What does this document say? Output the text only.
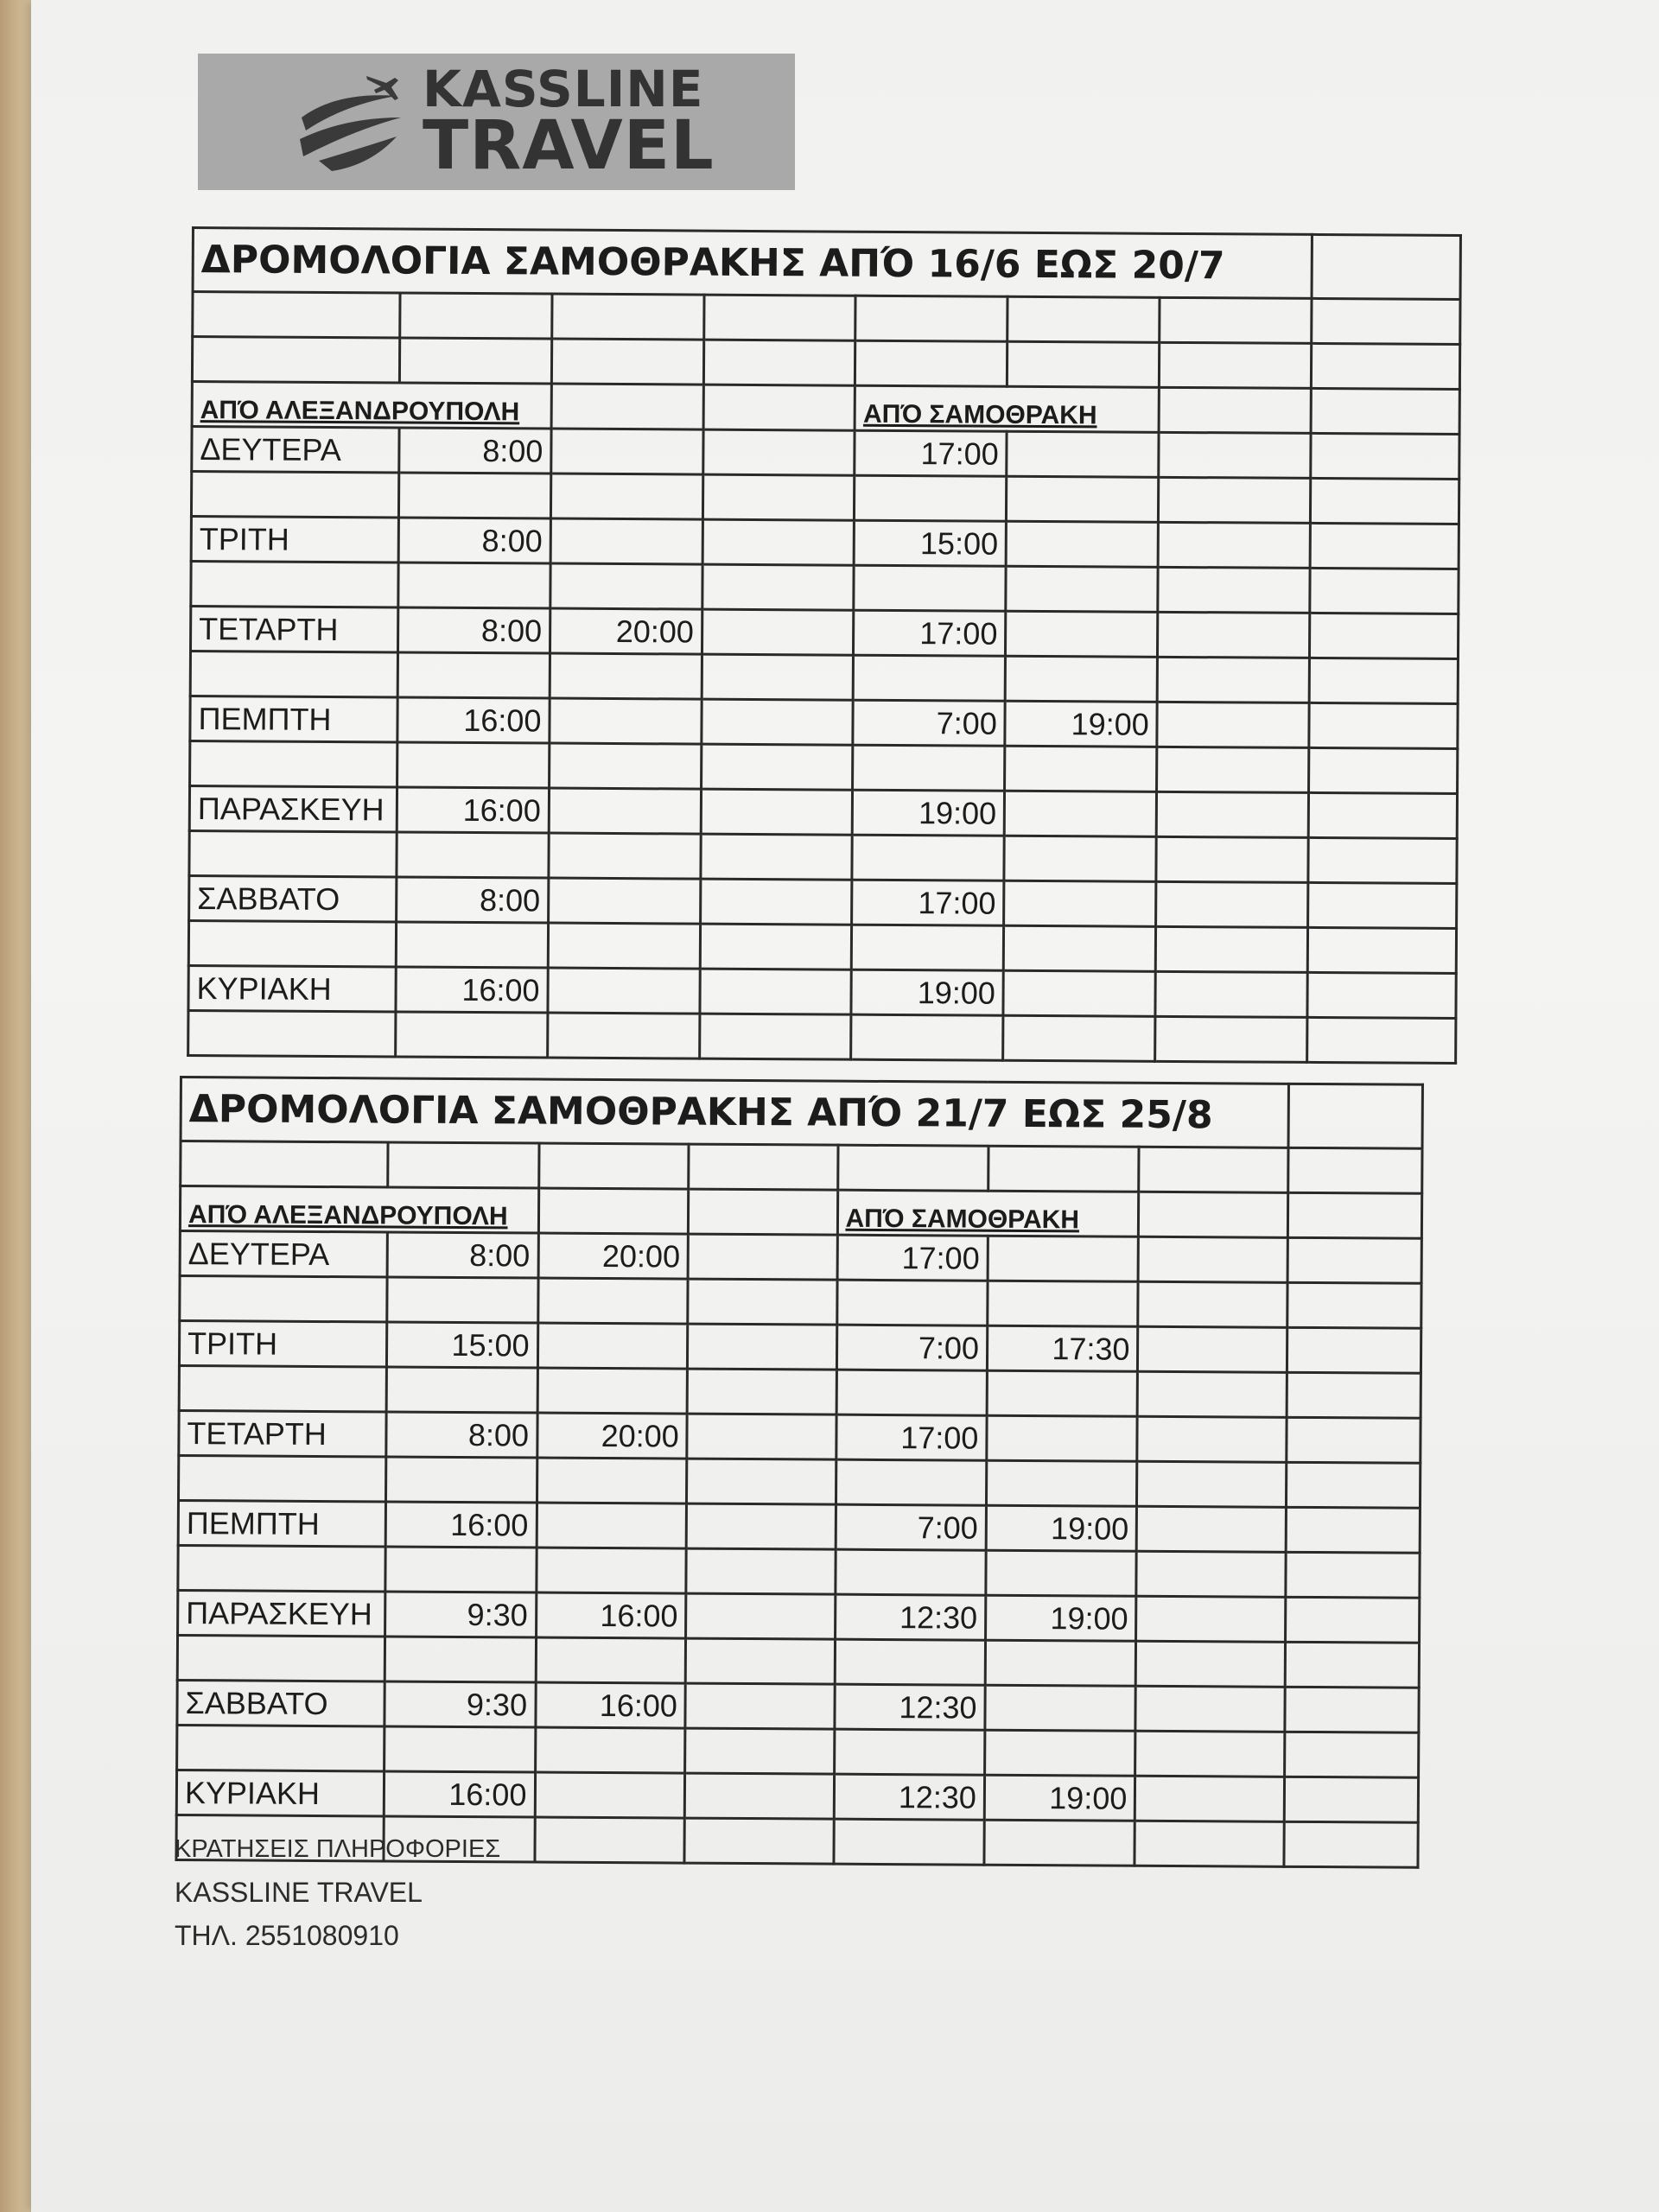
KASSLINE
TRAVEL
ΔΡΟΜΟΛΟΓΙΑ ΣΑΜΟΘΡΑΚΗΣ ΑΠΌ 16/6 ΕΩΣ 20/7							

ΑΠΌ ΑΛΕΞΑΝΔΡΟΥΠΟΛΗ				ΑΠΌ ΣΑΜΟΘΡΑΚΗ			
ΔΕΥΤΕΡΑ	8:00			17:00			

ΤΡΙΤΗ	8:00			15:00			

ΤΕΤΑΡΤΗ	8:00	20:00		17:00			

ΠΕΜΠΤΗ	16:00			7:00	19:00		

ΠΑΡΑΣΚΕΥΗ	16:00			19:00			

ΣΑΒΒΑΤΟ	8:00			17:00			

ΚΥΡΙΑΚΗ	16:00			19:00			

ΔΡΟΜΟΛΟΓΙΑ ΣΑΜΟΘΡΑΚΗΣ ΑΠΌ 21/7 ΕΩΣ 25/8							

ΑΠΌ ΑΛΕΞΑΝΔΡΟΥΠΟΛΗ				ΑΠΌ ΣΑΜΟΘΡΑΚΗ			
ΔΕΥΤΕΡΑ	8:00	20:00		17:00			

ΤΡΙΤΗ	15:00			7:00	17:30		

ΤΕΤΑΡΤΗ	8:00	20:00		17:00			

ΠΕΜΠΤΗ	16:00			7:00	19:00		

ΠΑΡΑΣΚΕΥΗ	9:30	16:00		12:30	19:00		

ΣΑΒΒΑΤΟ	9:30	16:00		12:30			

ΚΥΡΙΑΚΗ	16:00			12:30	19:00		

ΚΡΑΤΗΣΕΙΣ ΠΛΗΡΟΦΟΡΙΕΣ
KASSLINE TRAVEL
ΤΗΛ. 2551080910
